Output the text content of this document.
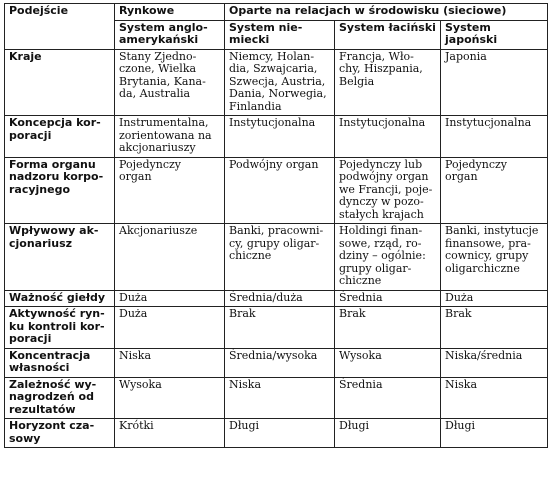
Podejście	Rynkowe	Oparte na relacjach w środowisku (sieciowe)		
	System anglo-
amerykański	System nie-
miecki	System łaciński	System japoński
Kraje	Stany Zjedno-
czone, Wielka
Brytania, Kana-
da, Australia	Niemcy, Holan-
dia, Szwajcaria,
Szwecja, Austria,
Dania, Norwegia,
Finlandia	Francja, Wło-
chy, Hiszpania,
Belgia	Japonia
Koncepcja kor-
poracji	Instrumentalna,
zorientowana na
akcjonariuszy	Instytucjonalna	Instytucjonalna	Instytucjonalna
Forma organu
nadzoru korpo-
racyjnego	Pojedynczy
organ	Podwójny organ	Pojedynczy lub
podwójny organ
we Francji, poje-
dynczy w pozo-
stałych krajach	Pojedynczy
organ
Wpływowy ak-
cjonariusz	Akcjonariusze	Banki, pracowni-
cy, grupy oligar-
chiczne	Holdingi finan-
sowe, rząd, ro-
dziny – ogólnie:
grupy oligar-
chiczne	Banki, instytucje
finansowe, pra-
cownicy, grupy
oligarchiczne
Ważność giełdy	Duża	Średnia/duża	Średnia	Duża
Aktywność ryn-
ku kontroli kor-
poracji	Duża	Brak	Brak	Brak
Koncentracja
własności	Niska	Średnia/wysoka	Wysoka	Niska/średnia
Zależność wy-
nagrodzeń od
rezultatów	Wysoka	Niska	Średnia	Niska
Horyzont cza-
sowy	Krótki	Długi	Długi	Długi
